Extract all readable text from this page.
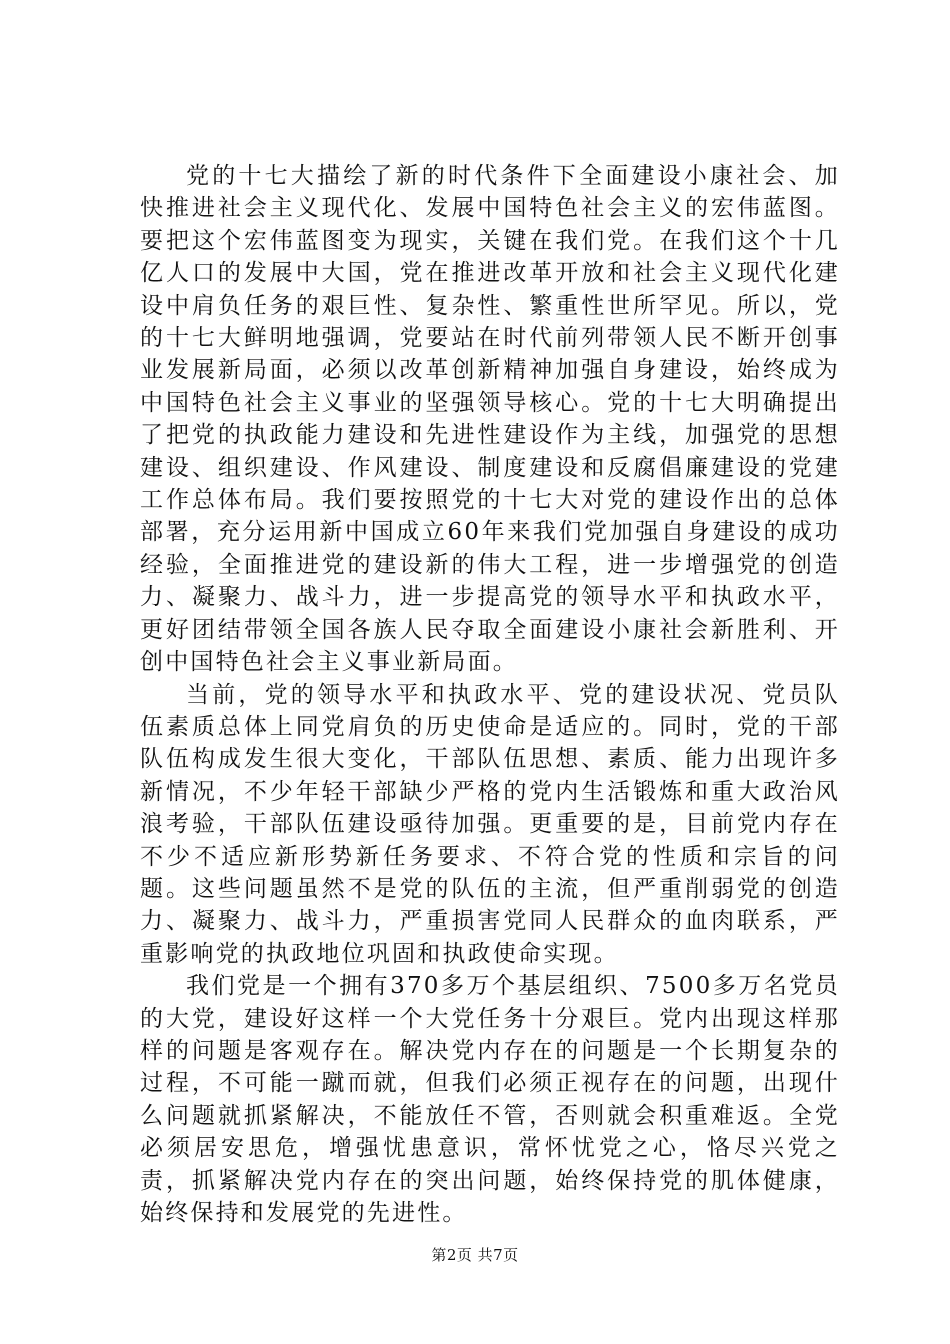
党的十七大描绘了新的时代条件下全面建设小康社会、加快推进社会主义现代化、发展中国特色社会主义的宏伟蓝图。要把这个宏伟蓝图变为现实，关键在我们党。在我们这个十几亿人口的发展中大国，党在推进改革开放和社会主义现代化建设中肩负任务的艰巨性、复杂性、繁重性世所罕见。所以，党的十七大鲜明地强调，党要站在时代前列带领人民不断开创事业发展新局面，必须以改革创新精神加强自身建设，始终成为中国特色社会主义事业的坚强领导核心。党的十七大明确提出了把党的执政能力建设和先进性建设作为主线，加强党的思想建设、组织建设、作风建设、制度建设和反腐倡廉建设的党建工作总体布局。我们要按照党的十七大对党的建设作出的总体部署，充分运用新中国成立60年来我们党加强自身建设的成功经验，全面推进党的建设新的伟大工程，进一步增强党的创造力、凝聚力、战斗力，进一步提高党的领导水平和执政水平，更好团结带领全国各族人民夺取全面建设小康社会新胜利、开创中国特色社会主义事业新局面。

当前，党的领导水平和执政水平、党的建设状况、党员队伍素质总体上同党肩负的历史使命是适应的。同时，党的干部队伍构成发生很大变化，干部队伍思想、素质、能力出现许多新情况，不少年轻干部缺少严格的党内生活锻炼和重大政治风浪考验，干部队伍建设亟待加强。更重要的是，目前党内存在不少不适应新形势新任务要求、不符合党的性质和宗旨的问题。这些问题虽然不是党的队伍的主流，但严重削弱党的创造力、凝聚力、战斗力，严重损害党同人民群众的血肉联系，严重影响党的执政地位巩固和执政使命实现。

我们党是一个拥有370多万个基层组织、7500多万名党员的大党，建设好这样一个大党任务十分艰巨。党内出现这样那样的问题是客观存在。解决党内存在的问题是一个长期复杂的过程，不可能一蹴而就，但我们必须正视存在的问题，出现什么问题就抓紧解决，不能放任不管，否则就会积重难返。全党必须居安思危，增强忧患意识，常怀忧党之心，恪尽兴党之责，抓紧解决党内存在的突出问题，始终保持党的肌体健康，始终保持和发展党的先进性。

第2页 共7页
